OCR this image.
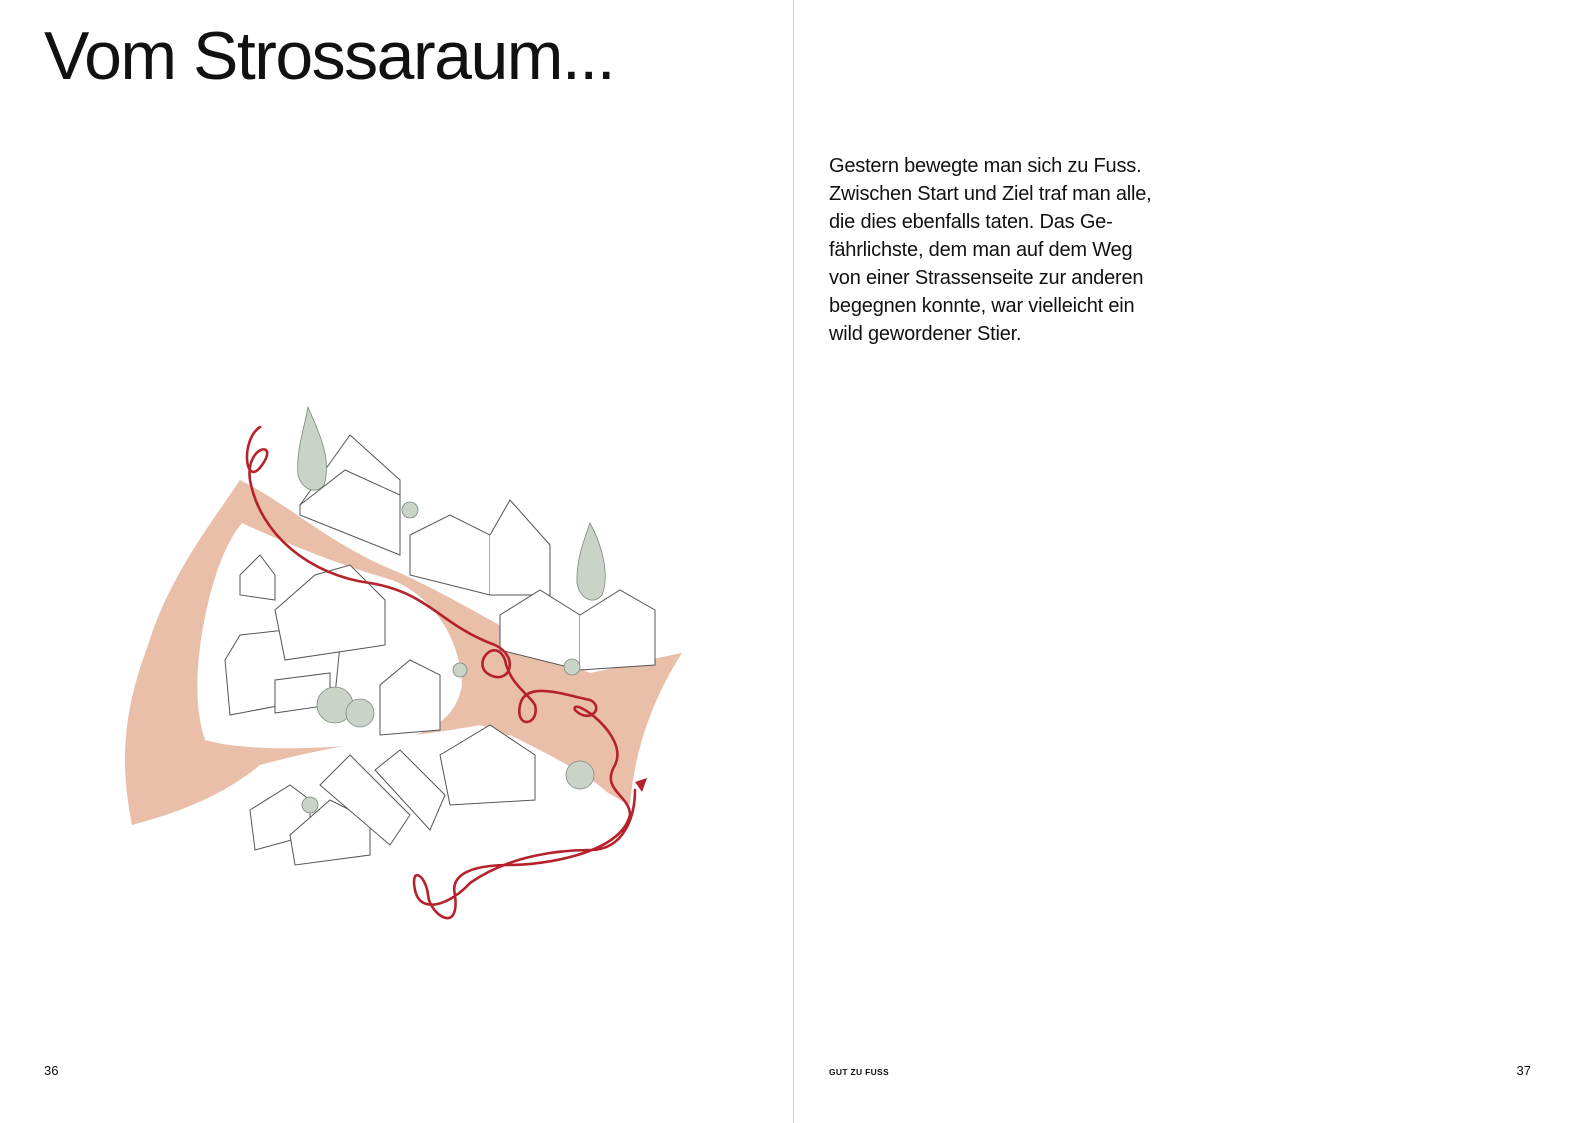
Vom Strossaraum...
36

Gestern bewegte man sich zu Fuss.
Zwischen Start und Ziel traf man alle,
die dies ebenfalls taten. Das Ge-
fährlichste, dem man auf dem Weg
von einer Strassenseite zur anderen
begegnen konnte, war vielleicht ein
wild gewordener Stier.

GUT ZU FUSS	37
